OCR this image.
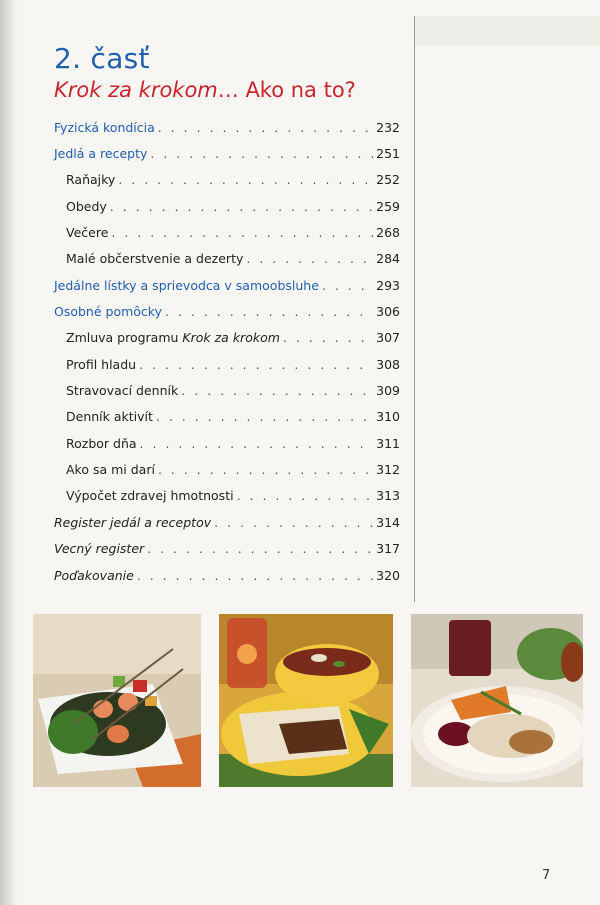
2. časť
Krok za krokom… Ako na to?
Fyzická kondícia . . .	232
Jedlá a recepty . . .	251
Raňajky . . .	252
Obedy . . .	259
Večere . . .	268
Malé občerstvenie a dezerty . . .	284
Jedálne lístky a sprievodca v samoobsluhe . . .	293
Osobné pomôcky . . .	306
Zmluva programu Krok za krokom . . .	307
Profil hladu . . .	308
Stravovací denník . . .	309
Denník aktivít . . .	310
Rozbor dňa . . .	311
Ako sa mi darí . . .	312
Výpočet zdravej hmotnosti . . .	313
Register jedál a receptov . . .	314
Vecný register . . .	317
Poďakovanie . . .	320
7
